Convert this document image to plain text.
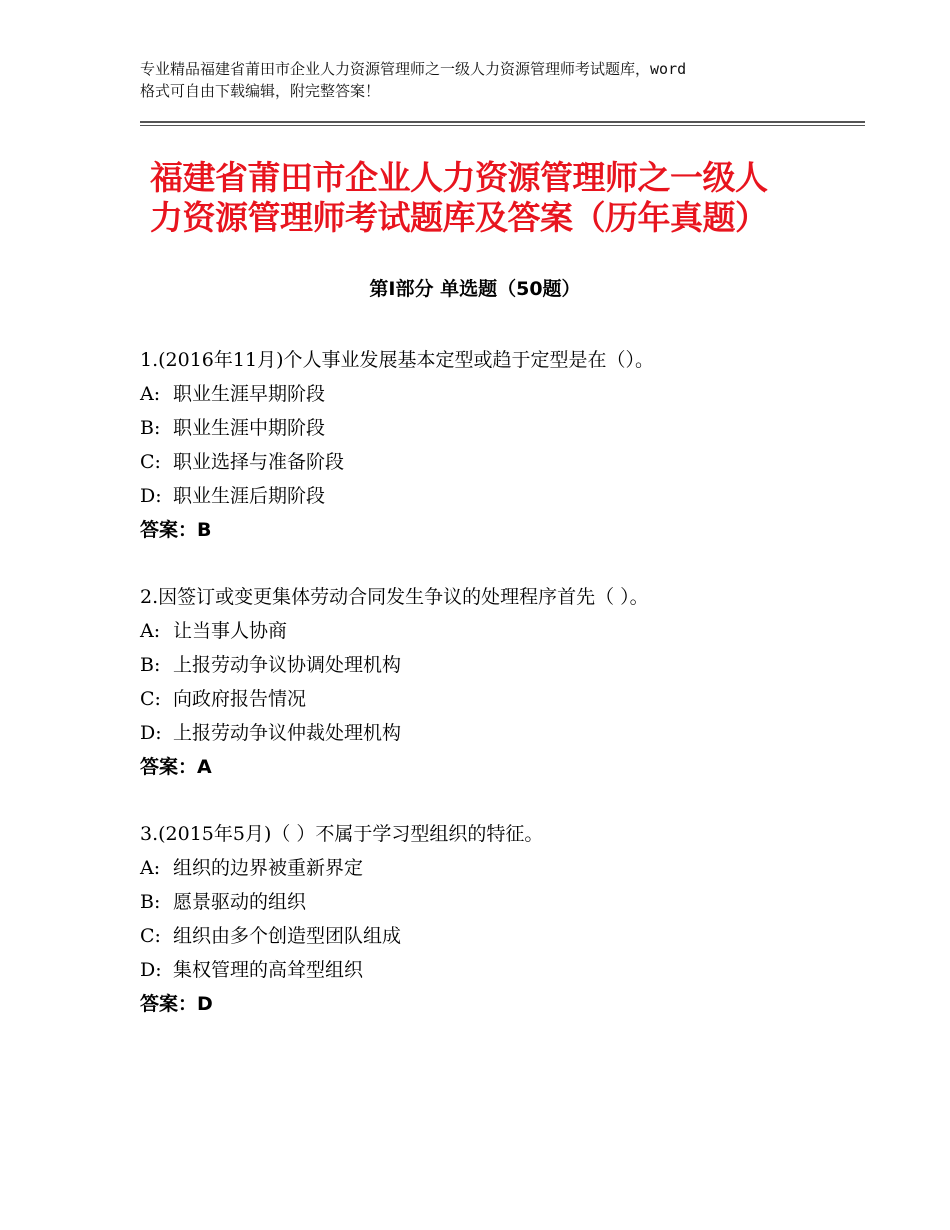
专业精品福建省莆田市企业人力资源管理师之一级人力资源管理师考试题库，word
格式可自由下载编辑，附完整答案！
福建省莆田市企业人力资源管理师之一级人
力资源管理师考试题库及答案（历年真题）
第Ⅰ部分 单选题（50题）
1.(2016年11月)个人事业发展基本定型或趋于定型是在（）。
A: 职业生涯早期阶段
B: 职业生涯中期阶段
C: 职业选择与准备阶段
D: 职业生涯后期阶段
答案：B
2.因签订或变更集体劳动合同发生争议的处理程序首先（ ）。
A: 让当事人协商
B: 上报劳动争议协调处理机构
C: 向政府报告情况
D: 上报劳动争议仲裁处理机构
答案：A
3.(2015年5月)（ ）不属于学习型组织的特征。
A: 组织的边界被重新界定
B: 愿景驱动的组织
C: 组织由多个创造型团队组成
D: 集权管理的高耸型组织
答案：D
